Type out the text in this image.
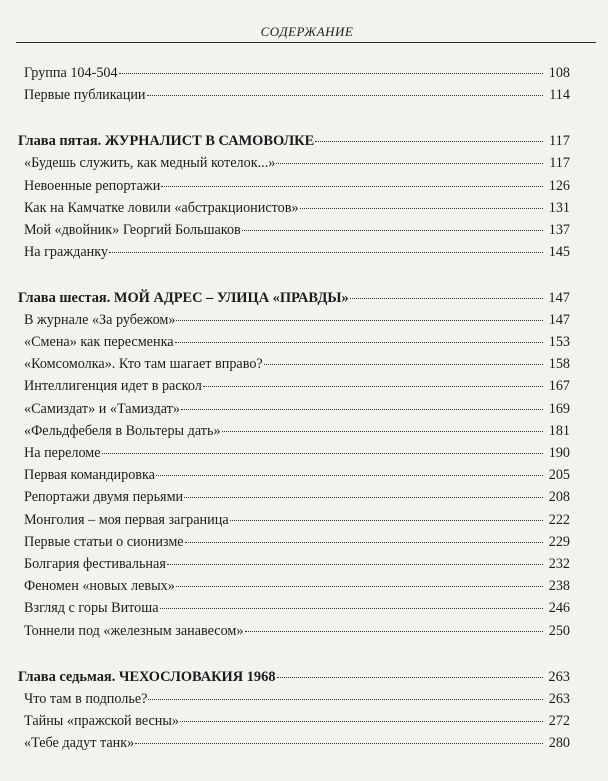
СОДЕРЖАНИЕ
Группа 104-504	108
Первые публикации	114
Глава пятая. ЖУРНАЛИСТ В САМОВОЛКЕ	117
«Будешь служить, как медный котелок...»	117
Невоенные репортажи	126
Как на Камчатке ловили «абстракционистов»	131
Мой «двойник» Георгий Большаков	137
На гражданку	145
Глава шестая. МОЙ АДРЕС – УЛИЦА «ПРАВДЫ»	147
В журнале «За рубежом»	147
«Смена» как пересменка	153
«Комсомолка». Кто там шагает вправо?	158
Интеллигенция идет в раскол	167
«Самиздат» и «Тамиздат»	169
«Фельдфебеля в Вольтеры дать»	181
На переломе	190
Первая командировка	205
Репортажи двумя перьями	208
Монголия – моя первая заграница	222
Первые статьи о сионизме	229
Болгария фестивальная	232
Феномен «новых левых»	238
Взгляд с горы Витоша	246
Тоннели под «железным занавесом»	250
Глава седьмая. ЧЕХОСЛОВАКИЯ 1968	263
Что там в подполье?	263
Тайны «пражской весны»	272
«Тебе дадут танк»	280
